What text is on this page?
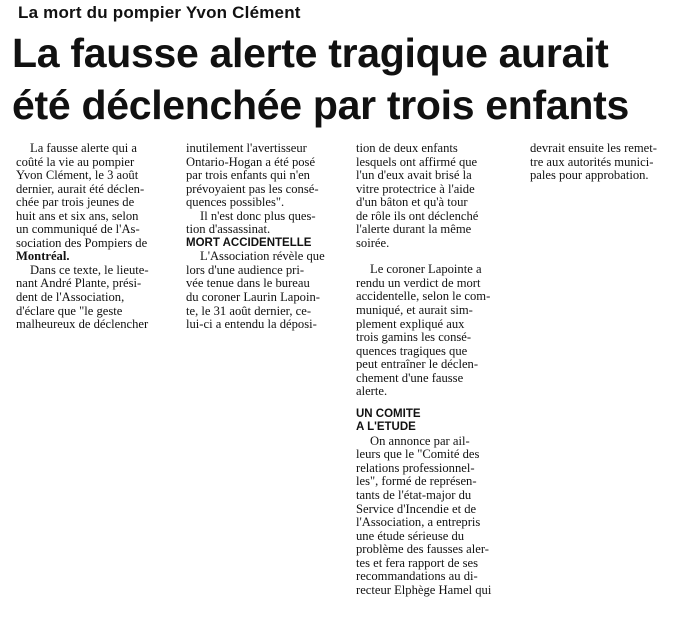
La mort du pompier Yvon Clément
La fausse alerte tragique aurait
été déclenchée par trois enfants

La fausse alerte qui a
coûté la vie au pompier
Yvon Clément, le 3 août
dernier, aurait été déclen-
chée par trois jeunes de
huit ans et six ans, selon
un communiqué de l'As-
sociation des Pompiers de
Montréal.

Dans ce texte, le lieute-
nant André Plante, prési-
dent de l'Association,
d'éclare que "le geste
malheureux de déclencher

inutilement l'avertisseur
Ontario-Hogan a été posé
par trois enfants qui n'en
prévoyaient pas les consé-
quences possibles".

Il n'est donc plus ques-
tion d'assassinat.

MORT ACCIDENTELLE

L'Association révèle que
lors d'une audience pri-
vée tenue dans le bureau
du coroner Laurin Lapoin-
te, le 31 août dernier, ce-
lui-ci a entendu la déposi-

tion de deux enfants
lesquels ont affirmé que
l'un d'eux avait brisé la
vitre protectrice à l'aide
d'un bâton et qu'à tour
de rôle ils ont déclenché
l'alerte durant la même
soirée.

Le coroner Lapointe a
rendu un verdict de mort
accidentelle, selon le com-
muniqué, et aurait sim-
plement expliqué aux
trois gamins les consé-
quences tragiques que
peut entraîner le déclen-
chement d'une fausse
alerte.

UN COMITE
A L'ETUDE

On annonce par ail-
leurs que le "Comité des
relations professionnel-
les", formé de représen-
tants de l'état-major du
Service d'Incendie et de
l'Association, a entrepris
une étude sérieuse du
problème des fausses aler-
tes et fera rapport de ses
recommandations au di-
recteur Elphège Hamel qui

devrait ensuite les remet-
tre aux autorités munici-
pales pour approbation.
